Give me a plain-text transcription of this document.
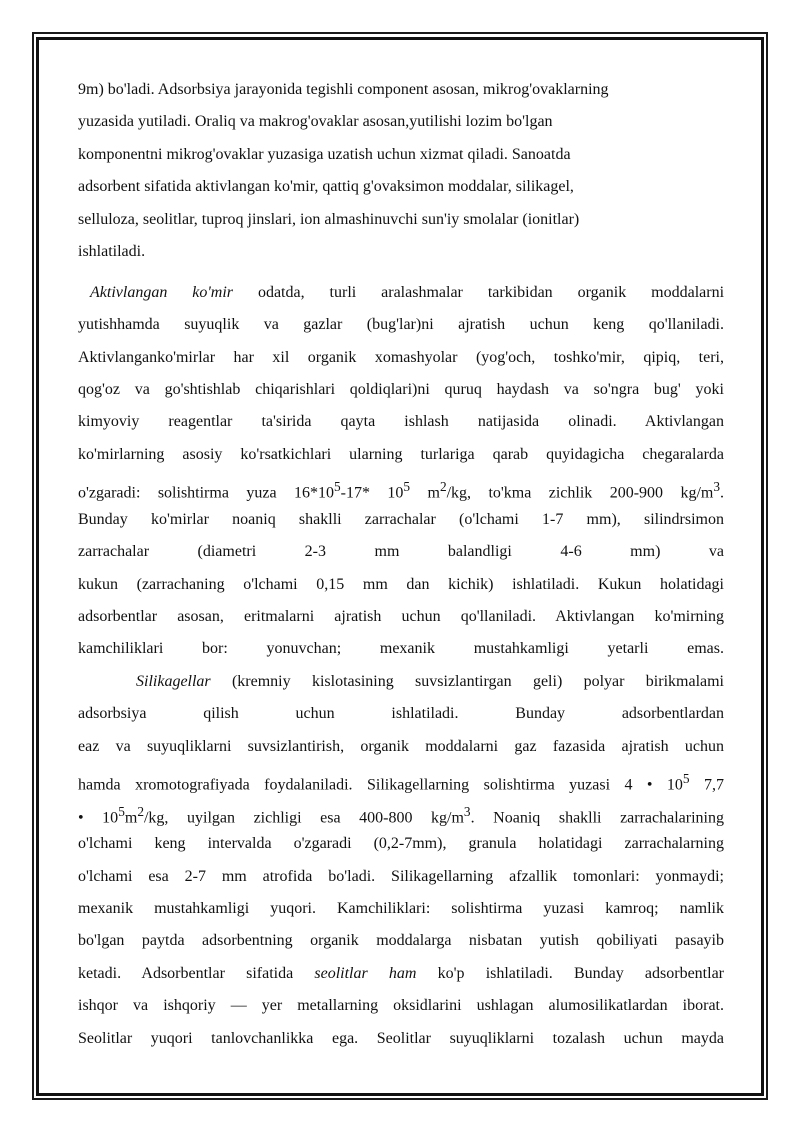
9m) bo'ladi. Adsorbsiya jarayonida tegishli component asosan, mikrog'ovaklarning
yuzasida yutiladi. Oraliq va makrog'ovaklar asosan,yutilishi lozim bo'lgan
komponentni mikrog'ovaklar yuzasiga uzatish uchun xizmat qiladi. Sanoatda
adsorbent sifatida aktivlangan ko'mir, qattiq g'ovaksimon moddalar, silikagel,
selluloza, seolitlar, tuproq jinslari, ion almashinuvchi sun'iy smolalar (ionitlar)
ishlatiladi.
Aktivlangan ko'mir odatda, turli aralashmalar tarkibidan organik moddalarni
yutishhamda suyuqlik va gazlar (bug'lar)ni ajratish uchun keng qo'llaniladi.
Aktivlanganko'mirlar har xil organik xomashyolar (yog'och, toshko'mir, qipiq, teri,
qog'oz va go'shtishlab chiqarishlari qoldiqlari)ni quruq haydash va so'ngra bug' yoki
kimyoviy reagentlar ta'sirida qayta ishlash natijasida olinadi. Aktivlangan
ko'mirlarning asosiy ko'rsatkichlari ularning turlariga qarab quyidagicha chegaralarda
o'zgaradi: solishtirma yuza $16*10^5-17*$ $10^5$ $m^2/kg$, to'kma zichlik 200-900 $kg/m^3$.
Bunday ko'mirlar noaniq shaklli zarrachalar (o'lchami 1-7 mm), silindrsimon
zarrachalar (diametri 2-3 mm balandligi 4-6 mm) va
kukun (zarrachaning o'lchami 0,15 mm dan kichik) ishlatiladi. Kukun holatidagi
adsorbentlar asosan, eritmalarni ajratish uchun qo'llaniladi. Aktivlangan ko'mirning
kamchiliklari bor: yonuvchan; mexanik mustahkamligi yetarli emas.
Silikagellar (kremniy kislotasining suvsizlantirgan geli) polyar birikmalami
adsorbsiya qilish uchun ishlatiladi. Bunday adsorbentlardan
eaz va suyuqliklarni suvsizlantirish, organik moddalarni gaz fazasida ajratish uchun
hamda xromotografiyada foydalaniladi. Silikagellarning solishtirma yuzasi 4 • $10^5$ 7,7
• $10^5m^2/kg$, uyilgan zichligi esa 400-800 $kg/m^3$. Noaniq shaklli zarrachalarining
o'lchami keng intervalda o'zgaradi (0,2-7mm), granula holatidagi zarrachalarning
o'lchami esa 2-7 mm atrofida bo'ladi. Silikagellarning afzallik tomonlari: yonmaydi;
mexanik mustahkamligi yuqori. Kamchiliklari: solishtirma yuzasi kamroq; namlik
bo'lgan paytda adsorbentning organik moddalarga nisbatan yutish qobiliyati pasayib
ketadi. Adsorbentlar sifatida seolitlar ham ko'p ishlatiladi. Bunday adsorbentlar
ishqor va ishqoriy — yer metallarning oksidlarini ushlagan alumosilikatlardan iborat.
Seolitlar yuqori tanlovchanlikka ega. Seolitlar suyuqliklarni tozalash uchun mayda
